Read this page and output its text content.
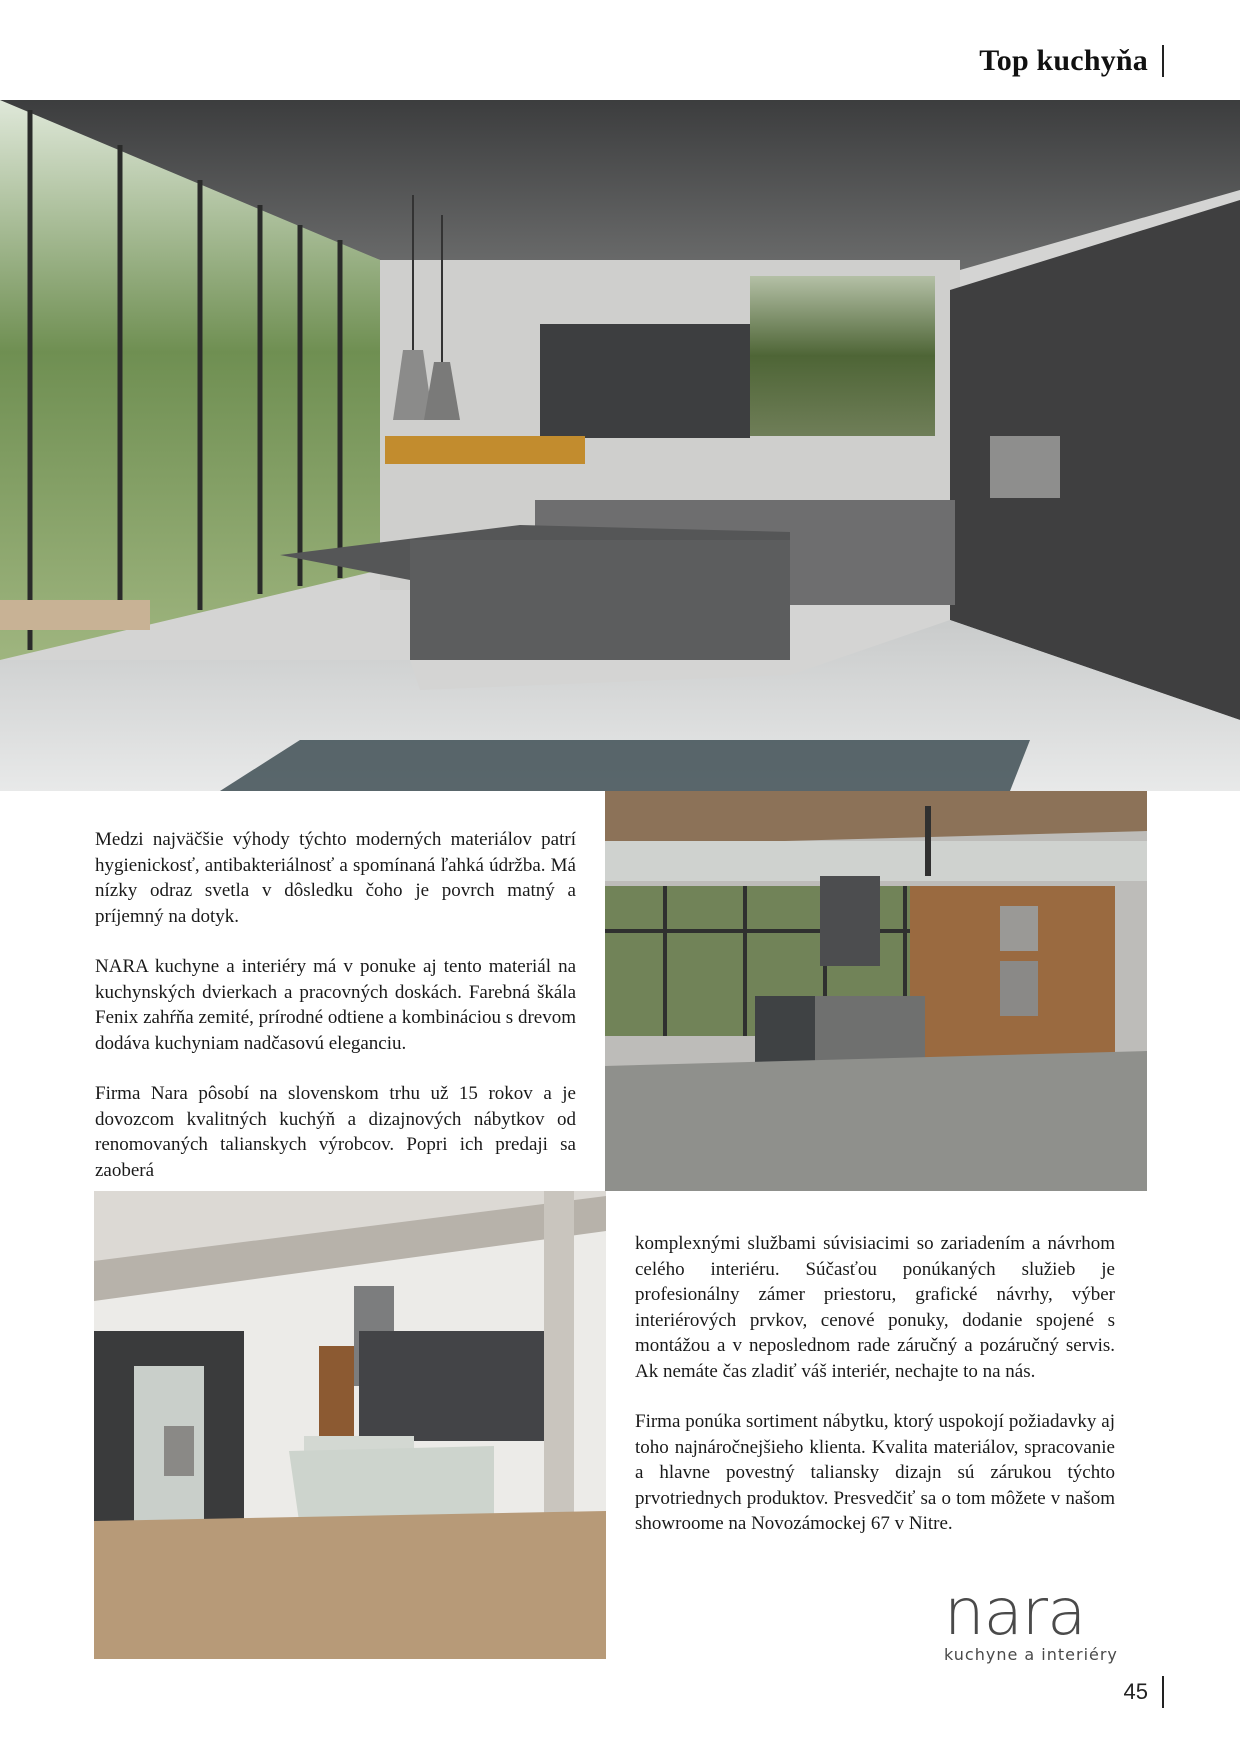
Top kuchyňa

Medzi najväčšie výhody týchto moderných materiálov patrí hygienickosť, antibakteriálnosť a spomínaná ľahká údržba. Má nízky odraz svetla v dôsledku čoho je povrch matný a príjemný na dotyk.

NARA kuchyne a interiéry má v ponuke aj tento materiál na kuchynských dvierkach a pracovných doskách. Farebná škála Fenix zahŕňa zemité, prírodné odtiene a kombináciou s drevom dodáva kuchyniam nadčasovú eleganciu.

Firma Nara pôsobí na slovenskom trhu už 15 rokov a je dovozcom kvalitných kuchýň a dizajnových nábytkov od renomovaných talianskych výrobcov. Popri ich predaji sa zaoberá

komplexnými službami súvisiacimi so zariadením a návrhom celého interiéru. Súčasťou ponúkaných služieb je profesionálny zámer priestoru, grafické návrhy, výber interiérových prvkov, cenové ponuky, dodanie spojené s montážou a v neposlednom rade záručný a pozáručný servis. Ak nemáte čas zladiť váš interiér, nechajte to na nás.

Firma ponúka sortiment nábytku, ktorý uspokojí požiadavky aj toho najnáročnejšieho klienta. Kvalita materiálov, spracovanie a hlavne povestný taliansky dizajn sú zárukou týchto prvotriednych produktov. Presvedčiť sa o tom môžete v našom showroome na Novozámockej 67 v Nitre.

nara
kuchyne a interiéry
45
